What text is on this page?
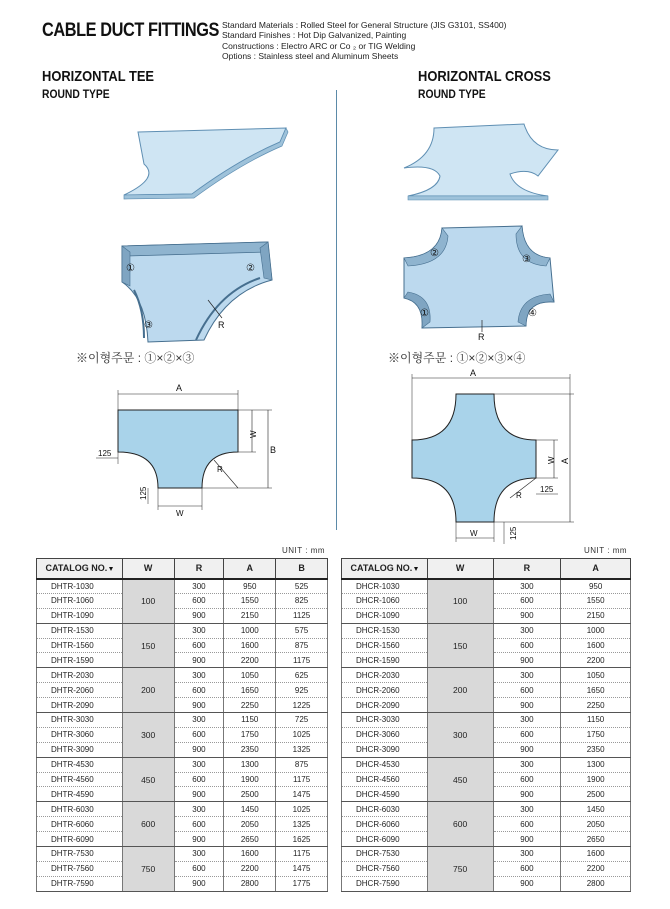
CABLE DUCT FITTINGS Standard Materials : Rolled Steel for General Structure (JIS G3101, SS400)
Standard Finishes : Hot Dip Galvanized, Painting
Constructions : Electro ARC or Co ₂ or TIG Welding
Options : Stainless steel and Aluminum Sheets
HORIZONTAL TEE
ROUND TYPE
HORIZONTAL CROSS
ROUND TYPE
R
①	②
③
※이형주문 : ①×②×③
A
B
W
125
R
125
W
R
②
③
①	④
※이형주문 : ①×②×③×④
A
A
W
125
R
W	125
UNIT : mm	UNIT : mm
CATALOG NO.	W	R	A	B
DHTR-1030	100	300	950	525
DHTR-1060		600	1550	825
DHTR-1090		900	2150	1125
DHTR-1530	150	300	1000	575
DHTR-1560		600	1600	875
DHTR-1590		900	2200	1175
DHTR-2030	200	300	1050	625
DHTR-2060		600	1650	925
DHTR-2090		900	2250	1225
DHTR-3030	300	300	1150	725
DHTR-3060		600	1750	1025
DHTR-3090		900	2350	1325
DHTR-4530	450	300	1300	875
DHTR-4560		600	1900	1175
DHTR-4590		900	2500	1475
DHTR-6030	600	300	1450	1025
DHTR-6060		600	2050	1325
DHTR-6090		900	2650	1625
DHTR-7530	750	300	1600	1175
DHTR-7560		600	2200	1475
DHTR-7590		900	2800	1775
CATALOG NO.	W	R	A
DHCR-1030	100	300	950
DHCR-1060		600	1550
DHCR-1090		900	2150
DHCR-1530	150	300	1000
DHCR-1560		600	1600
DHCR-1590		900	2200
DHCR-2030	200	300	1050
DHCR-2060		600	1650
DHCR-2090		900	2250
DHCR-3030	300	300	1150
DHCR-3060		600	1750
DHCR-3090		900	2350
DHCR-4530	450	300	1300
DHCR-4560		600	1900
DHCR-4590		900	2500
DHCR-6030	600	300	1450
DHCR-6060		600	2050
DHCR-6090		900	2650
DHCR-7530	750	300	1600
DHCR-7560		600	2200
DHCR-7590		900	2800
